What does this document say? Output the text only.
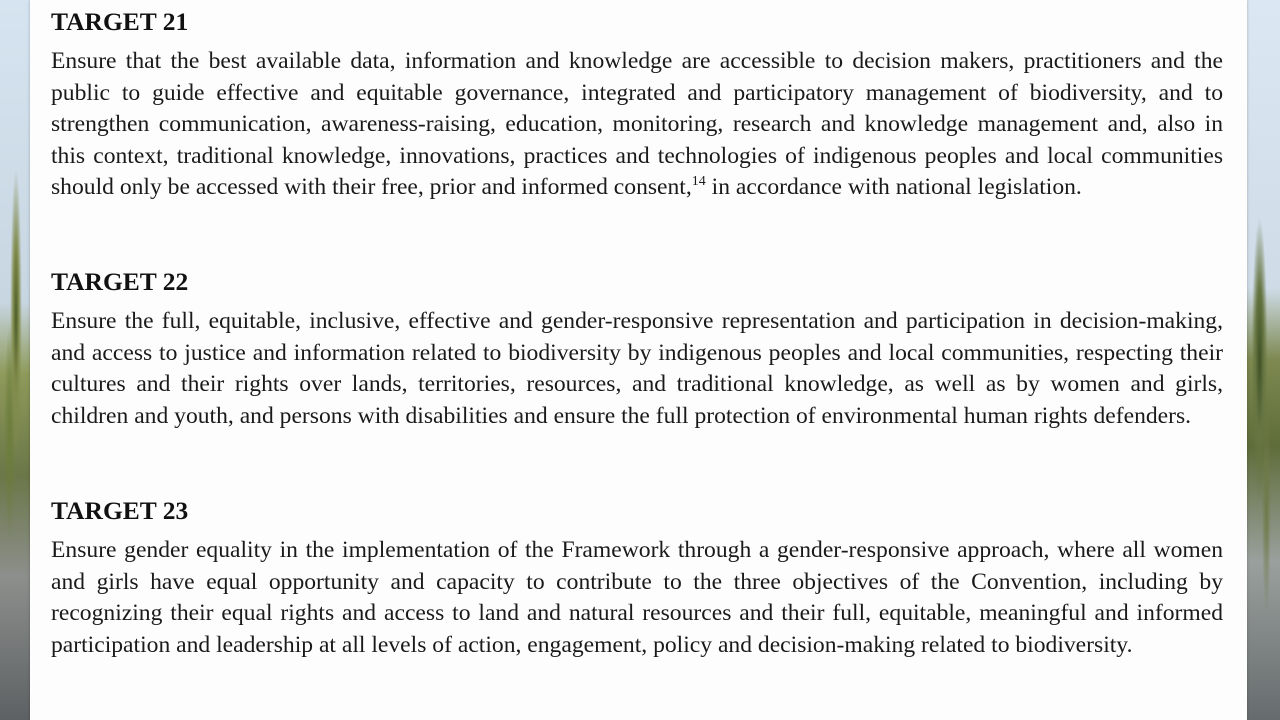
TARGET 21

Ensure that the best available data, information and knowledge are accessible to decision makers, practitioners and the public to guide effective and equitable governance, integrated and participatory management of biodiversity, and to strengthen communication, awareness-raising, education, monitoring, research and knowledge management and, also in this context, traditional knowledge, innovations, practices and technologies of indigenous peoples and local communities should only be accessed with their free, prior and informed consent,$^{14}$ in accordance with national legislation.

TARGET 22

Ensure the full, equitable, inclusive, effective and gender-responsive representation and participation in decision-making, and access to justice and information related to biodiversity by indigenous peoples and local communities, respecting their cultures and their rights over lands, territories, resources, and traditional knowledge, as well as by women and girls, children and youth, and persons with disabilities and ensure the full protection of environmental human rights defenders.

TARGET 23

Ensure gender equality in the implementation of the Framework through a gender-responsive approach, where all women and girls have equal opportunity and capacity to contribute to the three objectives of the Convention, including by recognizing their equal rights and access to land and natural resources and their full, equitable, meaningful and informed participation and leadership at all levels of action, engagement, policy and decision-making related to biodiversity.
